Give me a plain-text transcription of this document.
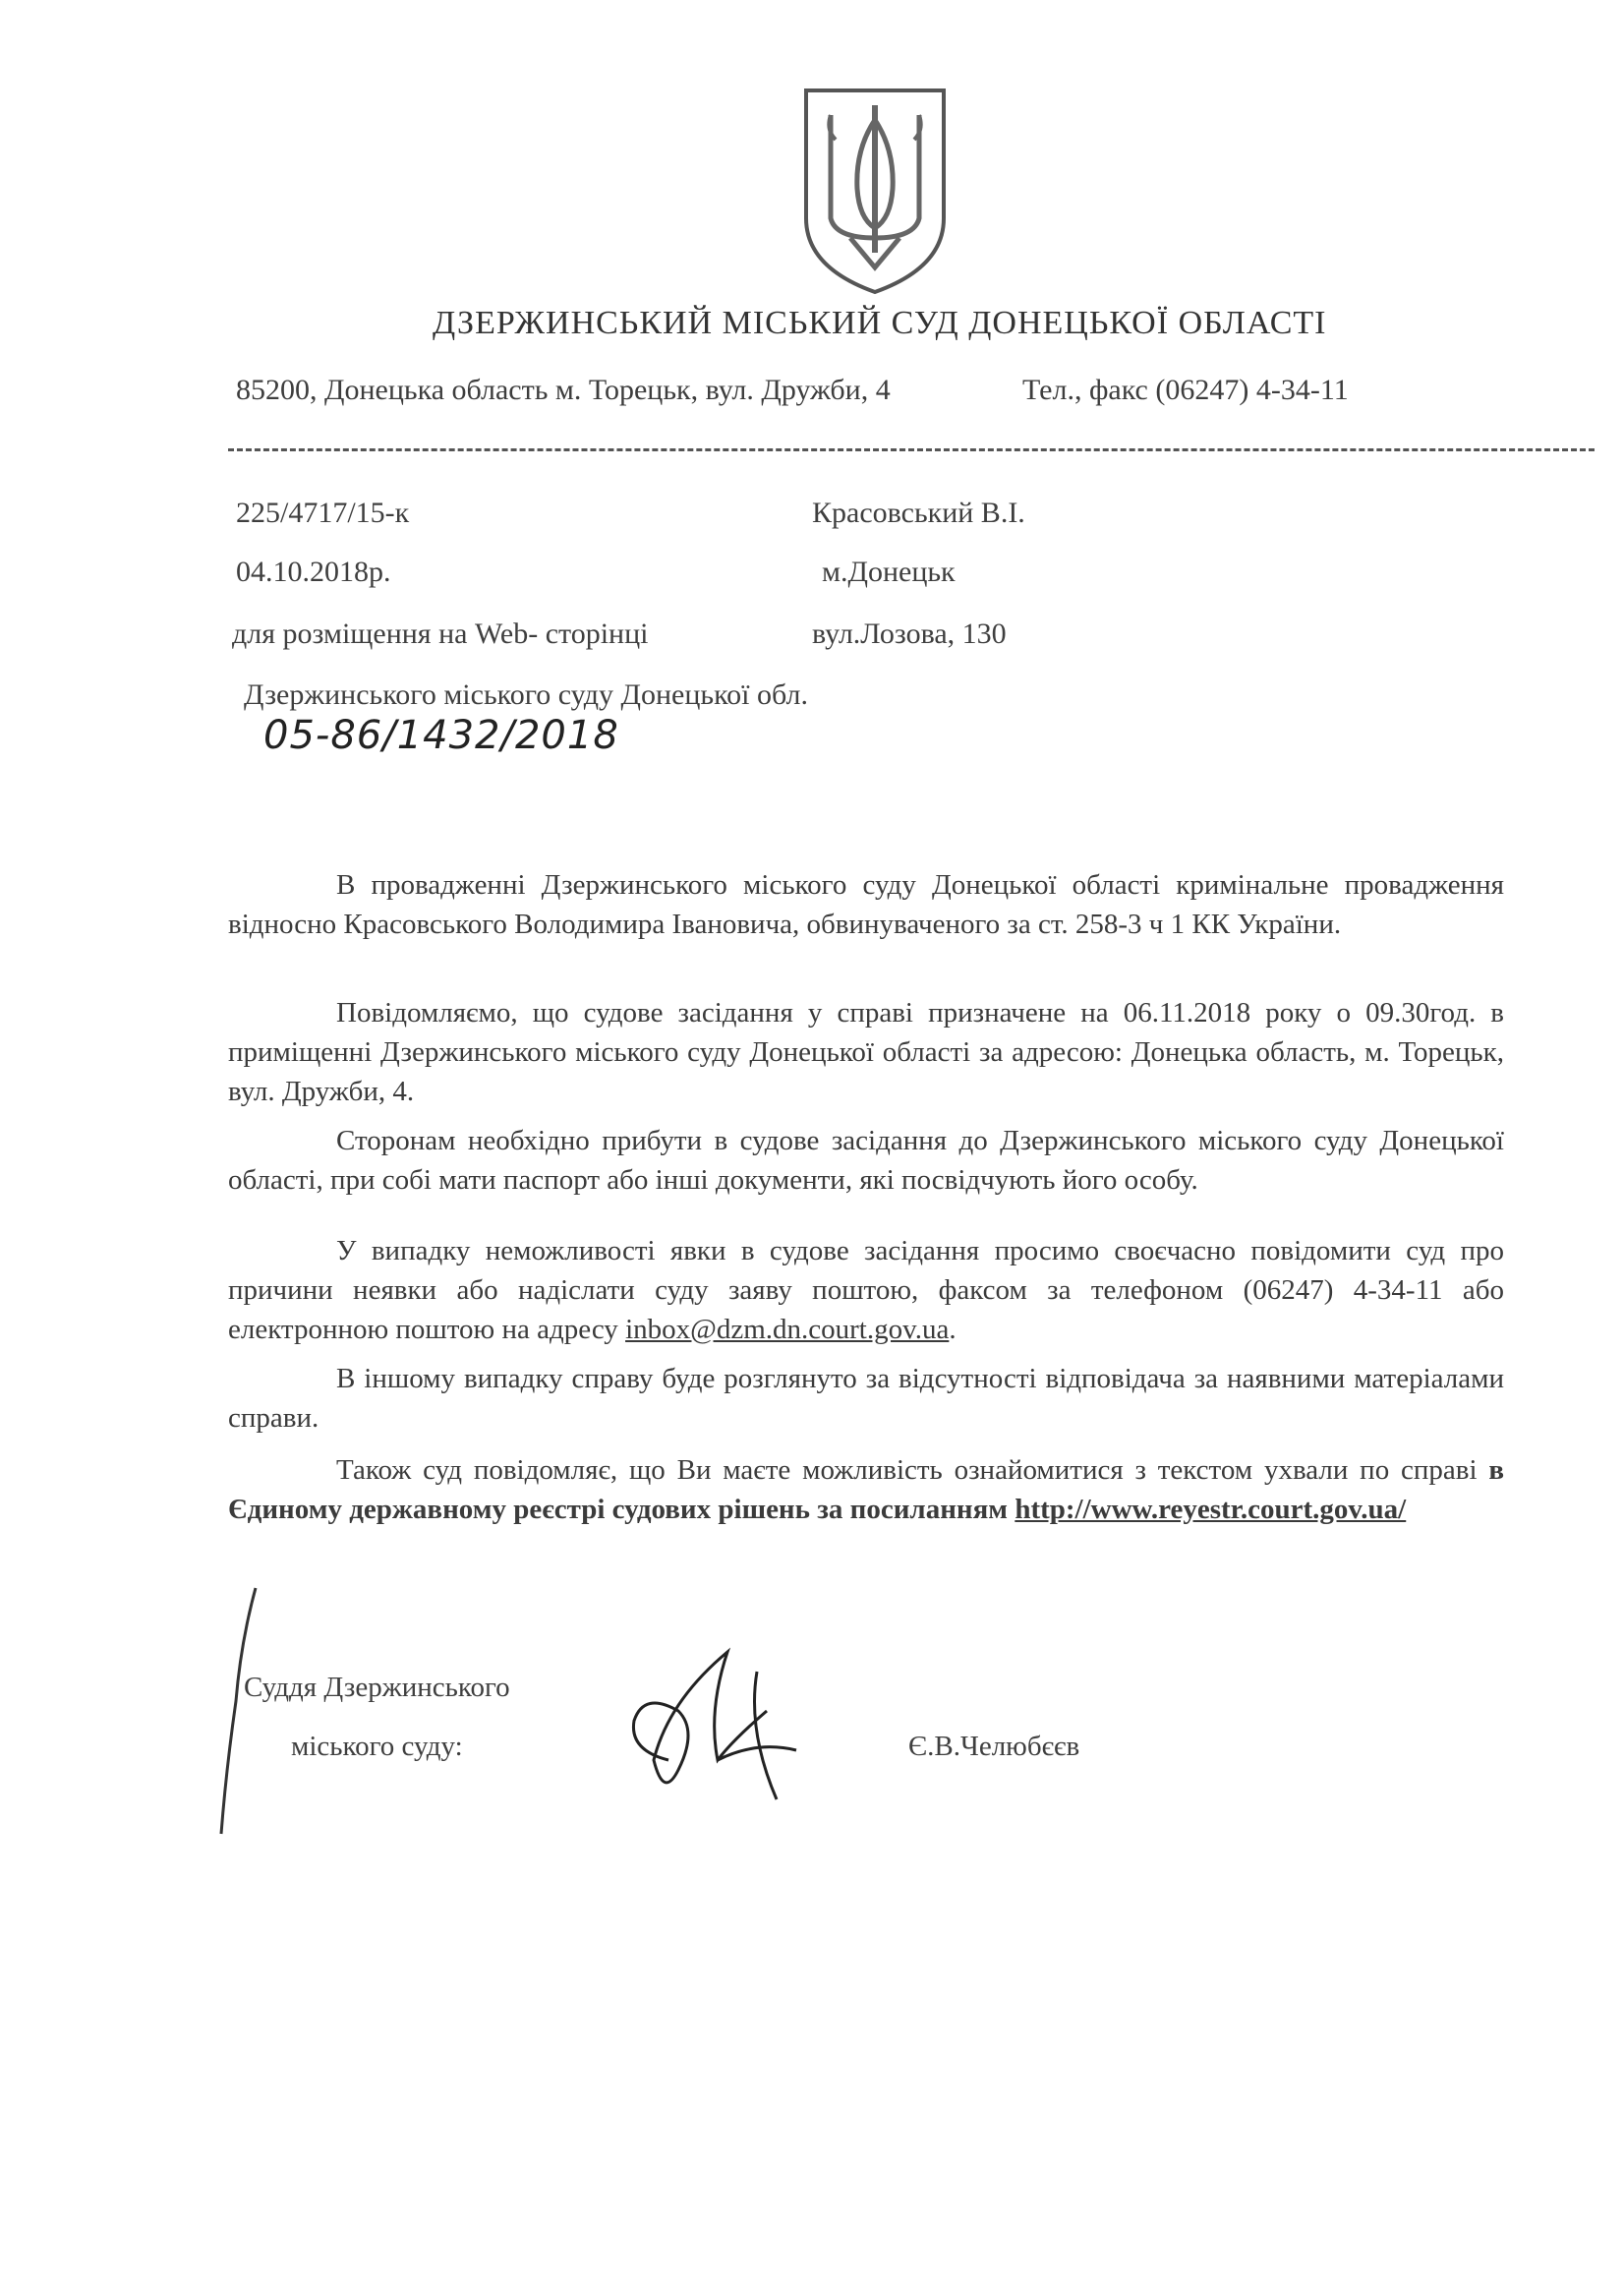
ДЗЕРЖИНСЬКИЙ МІСЬКИЙ СУД ДОНЕЦЬКОЇ ОБЛАСТІ
85200, Донецька область м. Торецьк, вул. Дружби, 4	Тел., факс (06247) 4-34-11
225/4717/15-к
04.10.2018р.
для розміщення на Web- сторінці
Дзержинського міського суду Донецької обл.
05-86/1432/2018
Красовський В.І.
м.Донецьк
вул.Лозова, 130
В провадженні Дзержинського міського суду Донецької області кримінальне провадження відносно Красовського Володимира Івановича, обвинуваченого за ст. 258-3 ч 1 КК України.
Повідомляємо, що судове засідання у справі призначене на 06.11.2018 року о 09.30год. в приміщенні Дзержинського міського суду Донецької області за адресою: Донецька область, м. Торецьк, вул. Дружби, 4.
Сторонам необхідно прибути в судове засідання до Дзержинського міського суду Донецької області, при собі мати паспорт або інші документи, які посвідчують його особу.
У випадку неможливості явки в судове засідання просимо своєчасно повідомити суд про причини неявки або надіслати суду заяву поштою, факсом за телефоном (06247) 4-34-11 або електронною поштою на адресу inbox@dzm.dn.court.gov.ua.
В іншому випадку справу буде розглянуто за відсутності відповідача за наявними матеріалами справи.
Також суд повідомляє, що Ви маєте можливість ознайомитися з текстом ухвали по справі в Єдиному державному реєстрі судових рішень за посиланням http://www.reyestr.court.gov.ua/
Суддя Дзержинського
міського суду:	Є.В.Челюбєєв
